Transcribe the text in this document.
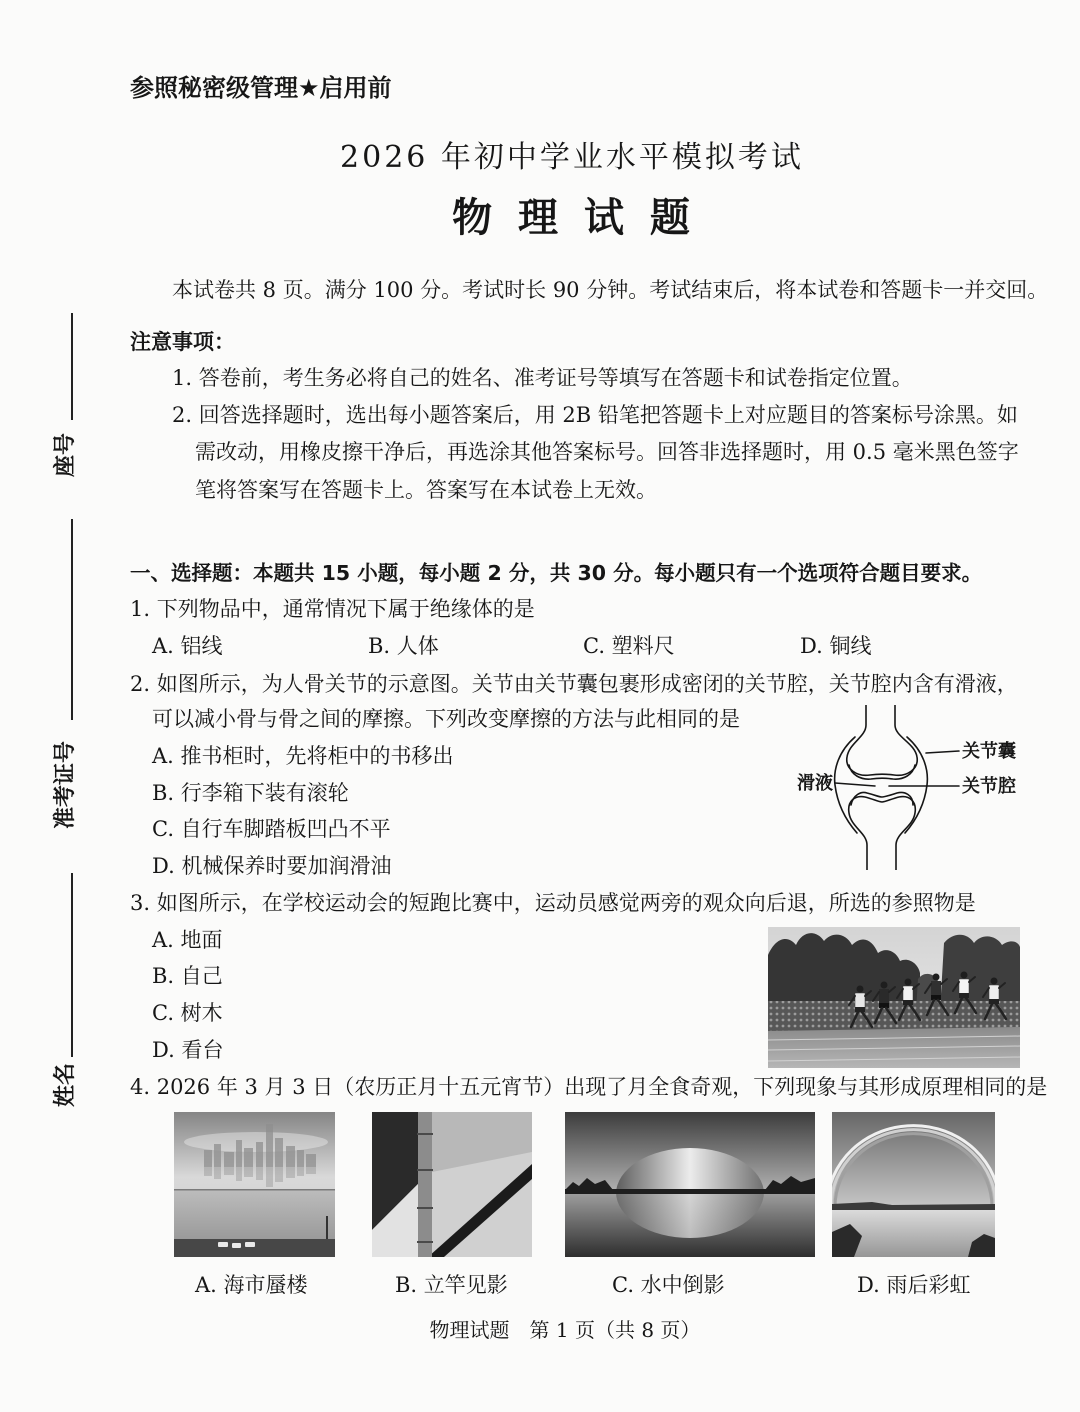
座号
准考证号
姓名
参照秘密级管理★启用前
2026 年初中学业水平模拟考试
物 理 试 题
本试卷共 8 页。满分 100 分。考试时长 90 分钟。考试结束后，将本试卷和答题卡一并交回。
注意事项：
1. 答卷前，考生务必将自己的姓名、准考证号等填写在答题卡和试卷指定位置。
2. 回答选择题时，选出每小题答案后，用 2B 铅笔把答题卡上对应题目的答案标号涂黑。如
需改动，用橡皮擦干净后，再选涂其他答案标号。回答非选择题时，用 0.5 毫米黑色签字
笔将答案写在答题卡上。答案写在本试卷上无效。
一、选择题：本题共 15 小题，每小题 2 分，共 30 分。每小题只有一个选项符合题目要求。
1. 下列物品中，通常情况下属于绝缘体的是
A. 铝线	B. 人体	C. 塑料尺	D. 铜线
2. 如图所示，为人骨关节的示意图。关节由关节囊包裹形成密闭的关节腔，关节腔内含有滑液，
可以减小骨与骨之间的摩擦。下列改变摩擦的方法与此相同的是
A. 推书柜时，先将柜中的书移出
B. 行李箱下装有滚轮
C. 自行车脚踏板凹凸不平
D. 机械保养时要加润滑油
关节囊
滑液	关节腔
3. 如图所示，在学校运动会的短跑比赛中，运动员感觉两旁的观众向后退，所选的参照物是
A. 地面
B. 自己
C. 树木
D. 看台
4. 2026 年 3 月 3 日（农历正月十五元宵节）出现了月全食奇观，下列现象与其形成原理相同的是
A. 海市蜃楼	B. 立竿见影	C. 水中倒影	D. 雨后彩虹
物理试题　第 1 页（共 8 页）
